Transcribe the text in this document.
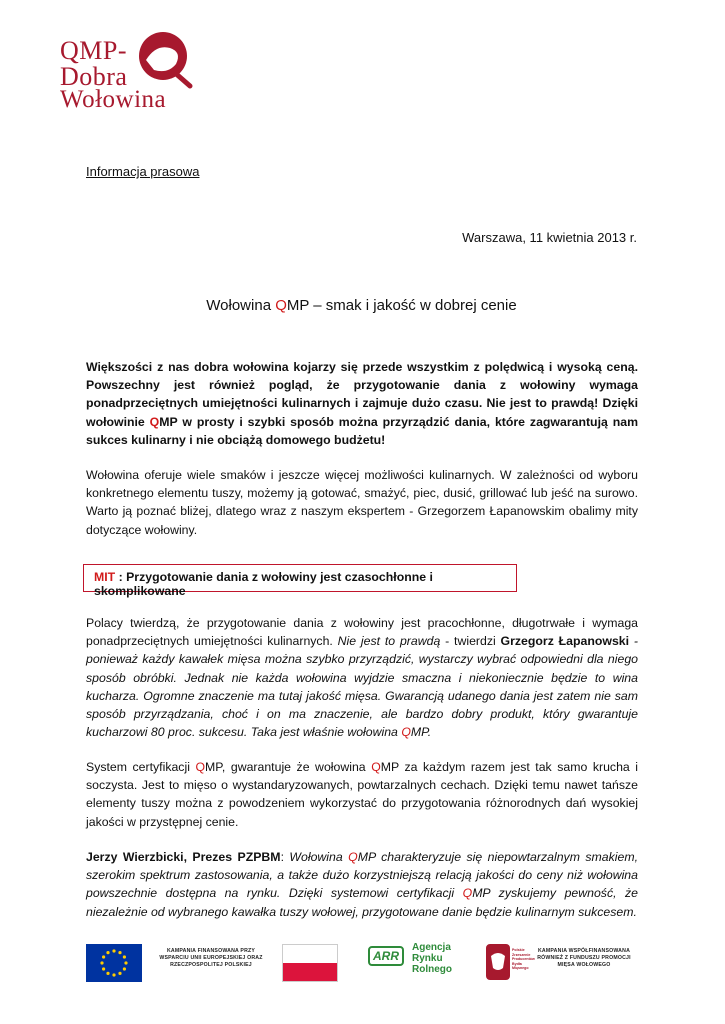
QMP-
Dobra
Wołowina
Informacja prasowa
Warszawa, 11 kwietnia 2013 r.
Wołowina QMP – smak i jakość w dobrej cenie
Większości z nas dobra wołowina kojarzy się przede wszystkim z polędwicą i wysoką ceną. Powszechny jest również pogląd, że przygotowanie dania z wołowiny wymaga ponadprzeciętnych umiejętności kulinarnych i zajmuje dużo czasu. Nie jest to prawdą! Dzięki wołowinie QMP w prosty i szybki sposób można przyrządzić dania, które zagwarantują nam sukces kulinarny i nie obciążą domowego budżetu!
Wołowina oferuje wiele smaków i jeszcze więcej możliwości kulinarnych. W zależności od wyboru konkretnego elementu tuszy, możemy ją gotować, smażyć, piec, dusić, grillować lub jeść na surowo. Warto ją poznać bliżej, dlatego wraz z naszym ekspertem - Grzegorzem Łapanowskim obalimy mity dotyczące wołowiny.
MIT : Przygotowanie dania z wołowiny jest czasochłonne i skomplikowane
Polacy twierdzą, że przygotowanie dania z wołowiny jest pracochłonne, długotrwałe i wymaga ponadprzeciętnych umiejętności kulinarnych. Nie jest to prawdą - twierdzi Grzegorz Łapanowski - ponieważ każdy kawałek mięsa można szybko przyrządzić, wystarczy wybrać odpowiedni dla niego sposób obróbki. Jednak nie każda wołowina wyjdzie smaczna i niekoniecznie będzie to wina kucharza. Ogromne znaczenie ma tutaj jakość mięsa. Gwarancją udanego dania jest zatem nie sam sposób przyrządzania, choć i on ma znaczenie, ale bardzo dobry produkt, który gwarantuje kucharzowi 80 proc. sukcesu. Taka jest właśnie wołowina QMP.
System certyfikacji QMP, gwarantuje że wołowina QMP za każdym razem jest tak samo krucha i soczysta. Jest to mięso o wystandaryzowanych, powtarzalnych cechach. Dzięki temu nawet tańsze elementy tuszy można z powodzeniem wykorzystać do przygotowania różnorodnych dań wysokiej jakości w przystępnej cenie.
Jerzy Wierzbicki, Prezes PZPBM: Wołowina QMP charakteryzuje się niepowtarzalnym smakiem, szerokim spektrum zastosowania, a także dużo korzystniejszą relacją jakości do ceny niż wołowina powszechnie dostępna na rynku. Dzięki systemowi certyfikacji QMP zyskujemy pewność, że niezależnie od wybranego kawałka tuszy wołowej, przygotowane danie będzie kulinarnym sukcesem.
KAMPANIA FINANSOWANA PRZY WSPARCIU UNII EUROPEJSKIEJ ORAZ RZECZPOSPOLITEJ POLSKIEJ
ARR
Agencja
Rynku
Rolnego
Polskie Zrzeszenie Producentów Bydła Mięsnego
KAMPANIA WSPÓŁFINANSOWANA RÓWNIEŻ Z FUNDUSZU PROMOCJI MIĘSA WOŁOWEGO
